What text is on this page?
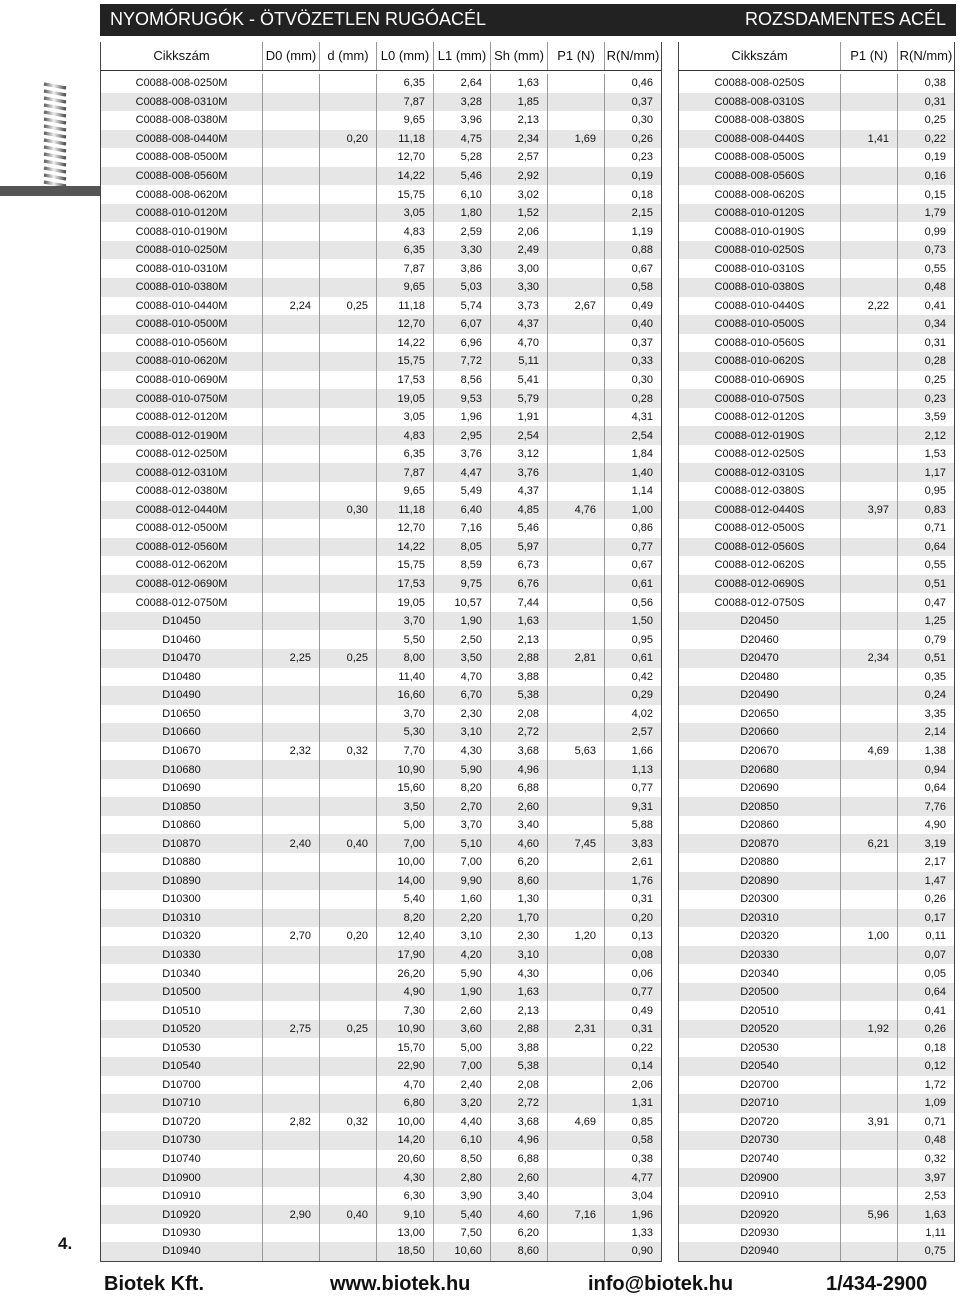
NYOMÓRUGÓK - ÖTVÖZETLEN RUGÓACÉL	ROZSDAMENTES ACÉL
Cikkszám	D0 (mm)	d (mm)	L0 (mm)	L1 (mm)	Sh (mm)	P1 (N)	R(N/mm)

C0088-008-0250M			6,35	2,64	1,63		0,46
C0088-008-0310M			7,87	3,28	1,85		0,37
C0088-008-0380M			9,65	3,96	2,13		0,30
C0088-008-0440M		0,20	11,18	4,75	2,34	1,69	0,26
C0088-008-0500M			12,70	5,28	2,57		0,23
C0088-008-0560M			14,22	5,46	2,92		0,19
C0088-008-0620M			15,75	6,10	3,02		0,18
C0088-010-0120M			3,05	1,80	1,52		2,15
C0088-010-0190M			4,83	2,59	2,06		1,19
C0088-010-0250M			6,35	3,30	2,49		0,88
C0088-010-0310M			7,87	3,86	3,00		0,67
C0088-010-0380M			9,65	5,03	3,30		0,58
C0088-010-0440M	2,24	0,25	11,18	5,74	3,73	2,67	0,49
C0088-010-0500M			12,70	6,07	4,37		0,40
C0088-010-0560M			14,22	6,96	4,70		0,37
C0088-010-0620M			15,75	7,72	5,11		0,33
C0088-010-0690M			17,53	8,56	5,41		0,30
C0088-010-0750M			19,05	9,53	5,79		0,28
C0088-012-0120M			3,05	1,96	1,91		4,31
C0088-012-0190M			4,83	2,95	2,54		2,54
C0088-012-0250M			6,35	3,76	3,12		1,84
C0088-012-0310M			7,87	4,47	3,76		1,40
C0088-012-0380M			9,65	5,49	4,37		1,14
C0088-012-0440M		0,30	11,18	6,40	4,85	4,76	1,00
C0088-012-0500M			12,70	7,16	5,46		0,86
C0088-012-0560M			14,22	8,05	5,97		0,77
C0088-012-0620M			15,75	8,59	6,73		0,67
C0088-012-0690M			17,53	9,75	6,76		0,61
C0088-012-0750M			19,05	10,57	7,44		0,56
D10450			3,70	1,90	1,63		1,50
D10460			5,50	2,50	2,13		0,95
D10470	2,25	0,25	8,00	3,50	2,88	2,81	0,61
D10480			11,40	4,70	3,88		0,42
D10490			16,60	6,70	5,38		0,29
D10650			3,70	2,30	2,08		4,02
D10660			5,30	3,10	2,72		2,57
D10670	2,32	0,32	7,70	4,30	3,68	5,63	1,66
D10680			10,90	5,90	4,96		1,13
D10690			15,60	8,20	6,88		0,77
D10850			3,50	2,70	2,60		9,31
D10860			5,00	3,70	3,40		5,88
D10870	2,40	0,40	7,00	5,10	4,60	7,45	3,83
D10880			10,00	7,00	6,20		2,61
D10890			14,00	9,90	8,60		1,76
D10300			5,40	1,60	1,30		0,31
D10310			8,20	2,20	1,70		0,20
D10320	2,70	0,20	12,40	3,10	2,30	1,20	0,13
D10330			17,90	4,20	3,10		0,08
D10340			26,20	5,90	4,30		0,06
D10500			4,90	1,90	1,63		0,77
D10510			7,30	2,60	2,13		0,49
D10520	2,75	0,25	10,90	3,60	2,88	2,31	0,31
D10530			15,70	5,00	3,88		0,22
D10540			22,90	7,00	5,38		0,14
D10700			4,70	2,40	2,08		2,06
D10710			6,80	3,20	2,72		1,31
D10720	2,82	0,32	10,00	4,40	3,68	4,69	0,85
D10730			14,20	6,10	4,96		0,58
D10740			20,60	8,50	6,88		0,38
D10900			4,30	2,80	2,60		4,77
D10910			6,30	3,90	3,40		3,04
D10920	2,90	0,40	9,10	5,40	4,60	7,16	1,96
D10930			13,00	7,50	6,20		1,33
D10940			18,50	10,60	8,60		0,90
Cikkszám	P1 (N)	R(N/mm)

C0088-008-0250S		0,38
C0088-008-0310S		0,31
C0088-008-0380S		0,25
C0088-008-0440S	1,41	0,22
C0088-008-0500S		0,19
C0088-008-0560S		0,16
C0088-008-0620S		0,15
C0088-010-0120S		1,79
C0088-010-0190S		0,99
C0088-010-0250S		0,73
C0088-010-0310S		0,55
C0088-010-0380S		0,48
C0088-010-0440S	2,22	0,41
C0088-010-0500S		0,34
C0088-010-0560S		0,31
C0088-010-0620S		0,28
C0088-010-0690S		0,25
C0088-010-0750S		0,23
C0088-012-0120S		3,59
C0088-012-0190S		2,12
C0088-012-0250S		1,53
C0088-012-0310S		1,17
C0088-012-0380S		0,95
C0088-012-0440S	3,97	0,83
C0088-012-0500S		0,71
C0088-012-0560S		0,64
C0088-012-0620S		0,55
C0088-012-0690S		0,51
C0088-012-0750S		0,47
D20450		1,25
D20460		0,79
D20470	2,34	0,51
D20480		0,35
D20490		0,24
D20650		3,35
D20660		2,14
D20670	4,69	1,38
D20680		0,94
D20690		0,64
D20850		7,76
D20860		4,90
D20870	6,21	3,19
D20880		2,17
D20890		1,47
D20300		0,26
D20310		0,17
D20320	1,00	0,11
D20330		0,07
D20340		0,05
D20500		0,64
D20510		0,41
D20520	1,92	0,26
D20530		0,18
D20540		0,12
D20700		1,72
D20710		1,09
D20720	3,91	0,71
D20730		0,48
D20740		0,32
D20900		3,97
D20910		2,53
D20920	5,96	1,63
D20930		1,11
D20940		0,75
4.
Biotek Kft.	www.biotek.hu	info@biotek.hu	1/434-2900
